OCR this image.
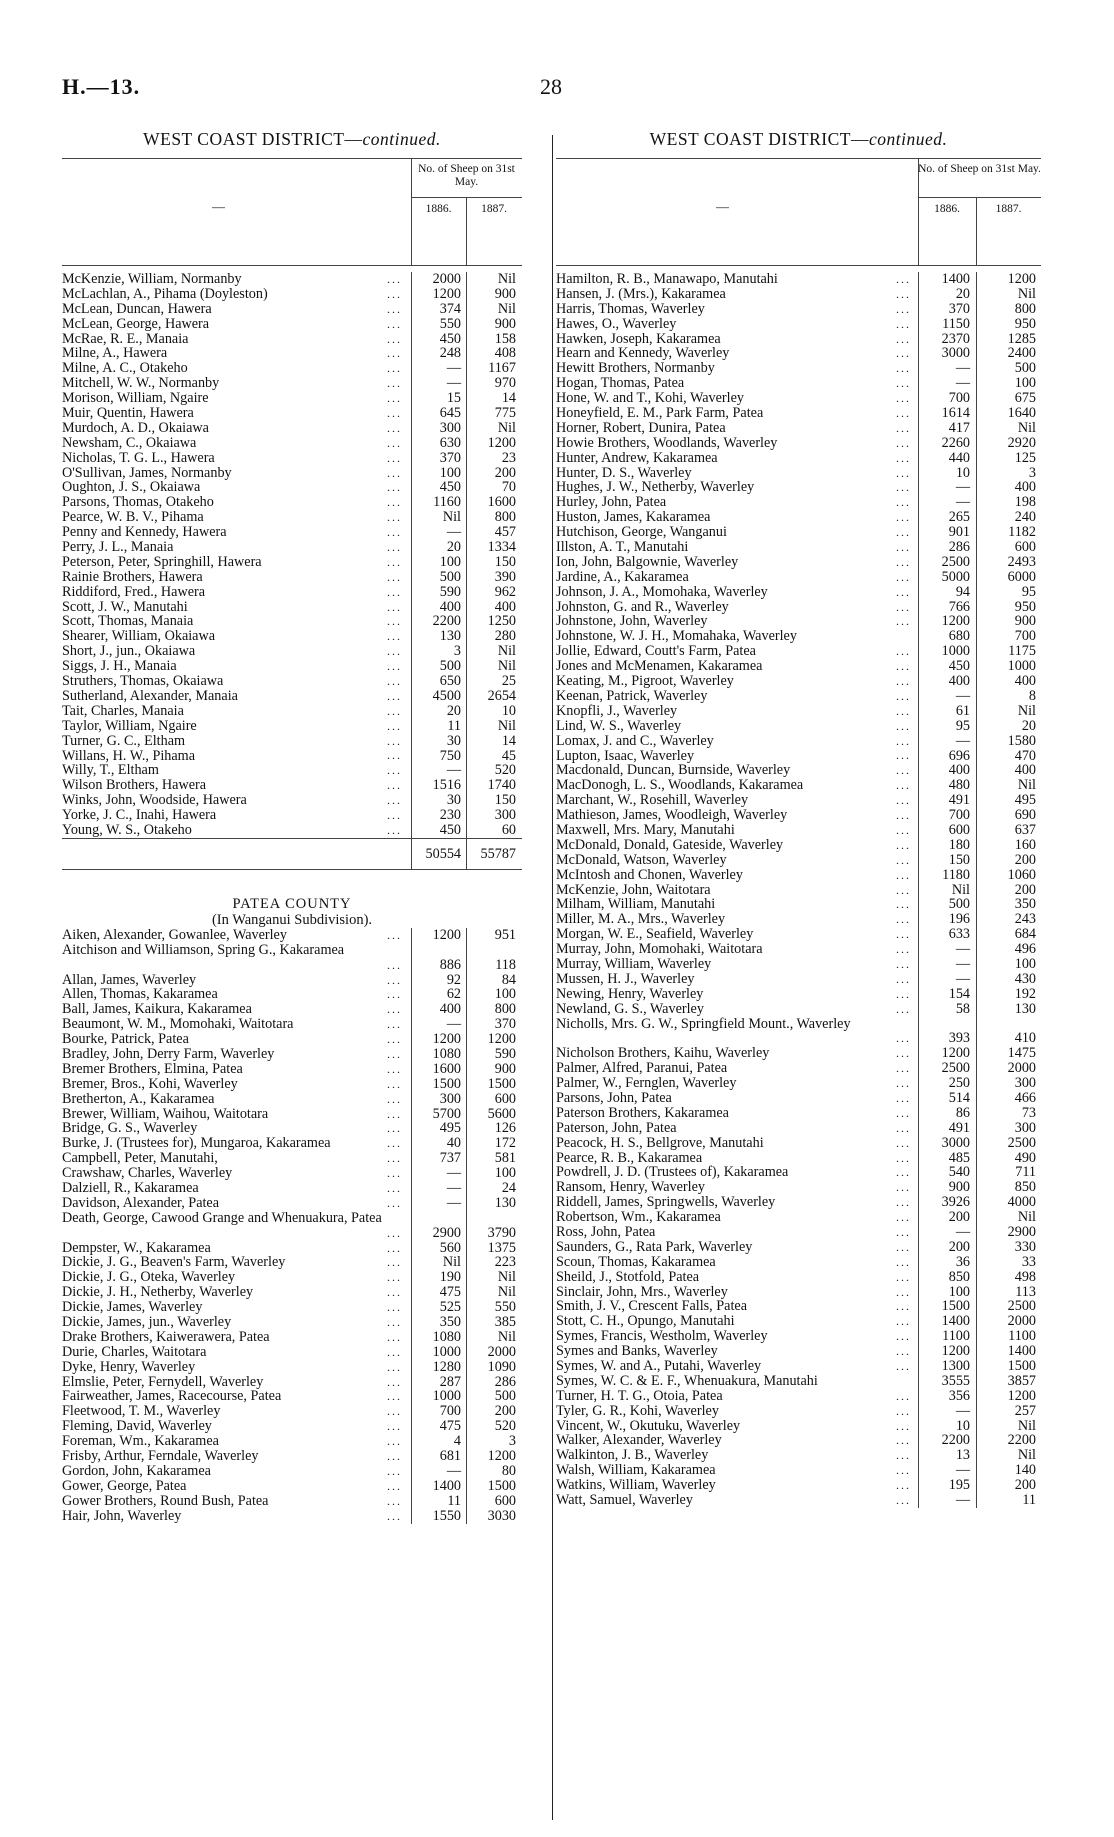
H.—13.	28
WEST COAST DISTRICT—continued.
—
No. of Sheep on 31st May.
1886.	1887.
McKenzie, William, Normanby	...	2000	Nil
McLachlan, A., Pihama (Doyleston)	...	1200	900
McLean, Duncan, Hawera	...	374	Nil
McLean, George, Hawera	...	550	900
McRae, R. E., Manaia	...	450	158
Milne, A., Hawera	...	248	408
Milne, A. C., Otakeho	...	—	1167
Mitchell, W. W., Normanby	...	—	970
Morison, William, Ngaire	...	15	14
Muir, Quentin, Hawera	...	645	775
Murdoch, A. D., Okaiawa	...	300	Nil
Newsham, C., Okaiawa	...	630	1200
Nicholas, T. G. L., Hawera	...	370	23
O'Sullivan, James, Normanby	...	100	200
Oughton, J. S., Okaiawa	...	450	70
Parsons, Thomas, Otakeho	...	1160	1600
Pearce, W. B. V., Pihama	...	Nil	800
Penny and Kennedy, Hawera	...	—	457
Perry, J. L., Manaia	...	20	1334
Peterson, Peter, Springhill, Hawera	...	100	150
Rainie Brothers, Hawera	...	500	390
Riddiford, Fred., Hawera	...	590	962
Scott, J. W., Manutahi	...	400	400
Scott, Thomas, Manaia	...	2200	1250
Shearer, William, Okaiawa	...	130	280
Short, J., jun., Okaiawa	...	3	Nil
Siggs, J. H., Manaia	...	500	Nil
Struthers, Thomas, Okaiawa	...	650	25
Sutherland, Alexander, Manaia	...	4500	2654
Tait, Charles, Manaia	...	20	10
Taylor, William, Ngaire	...	11	Nil
Turner, G. C., Eltham	...	30	14
Willans, H. W., Pihama	...	750	45
Willy, T., Eltham	...	—	520
Wilson Brothers, Hawera	...	1516	1740
Winks, John, Woodside, Hawera	...	30	150
Yorke, J. C., Inahi, Hawera	...	230	300
Young, W. S., Otakeho	...	450	60
50554	55787
PATEA COUNTY
(In Wanganui Subdivision).
Aiken, Alexander, Gowanlee, Waverley	...	1200	951
Aitchison and Williamson, Spring G., Kakaramea
...	886	118
Allan, James, Waverley	...	92	84
Allen, Thomas, Kakaramea	...	62	100
Ball, James, Kaikura, Kakaramea	...	400	800
Beaumont, W. M., Momohaki, Waitotara	...	—	370
Bourke, Patrick, Patea	...	1200	1200
Bradley, John, Derry Farm, Waverley	...	1080	590
Bremer Brothers, Elmina, Patea	...	1600	900
Bremer, Bros., Kohi, Waverley	...	1500	1500
Bretherton, A., Kakaramea	...	300	600
Brewer, William, Waihou, Waitotara	...	5700	5600
Bridge, G. S., Waverley	...	495	126
Burke, J. (Trustees for), Mungaroa, Kakaramea	...	40	172
Campbell, Peter, Manutahi,	...	737	581
Crawshaw, Charles, Waverley	...	—	100
Dalziell, R., Kakaramea	...	—	24
Davidson, Alexander, Patea	...	—	130
Death, George, Cawood Grange and Whenuakura, Patea
...	2900	3790
Dempster, W., Kakaramea	...	560	1375
Dickie, J. G., Beaven's Farm, Waverley	...	Nil	223
Dickie, J. G., Oteka, Waverley	...	190	Nil
Dickie, J. H., Netherby, Waverley	...	475	Nil
Dickie, James, Waverley	...	525	550
Dickie, James, jun., Waverley	...	350	385
Drake Brothers, Kaiwerawera, Patea	...	1080	Nil
Durie, Charles, Waitotara	...	1000	2000
Dyke, Henry, Waverley	...	1280	1090
Elmslie, Peter, Fernydell, Waverley	...	287	286
Fairweather, James, Racecourse, Patea	...	1000	500
Fleetwood, T. M., Waverley	...	700	200
Fleming, David, Waverley	...	475	520
Foreman, Wm., Kakaramea	...	4	3
Frisby, Arthur, Ferndale, Waverley	...	681	1200
Gordon, John, Kakaramea	...	—	80
Gower, George, Patea	...	1400	1500
Gower Brothers, Round Bush, Patea	...	11	600
Hair, John, Waverley	...	1550	3030
WEST COAST DISTRICT—continued.
—
No. of Sheep on 31st May.
1886.	1887.
Hamilton, R. B., Manawapo, Manutahi	...	1400	1200
Hansen, J. (Mrs.), Kakaramea	...	20	Nil
Harris, Thomas, Waverley	...	370	800
Hawes, O., Waverley	...	1150	950
Hawken, Joseph, Kakaramea	...	2370	1285
Hearn and Kennedy, Waverley	...	3000	2400
Hewitt Brothers, Normanby	...	—	500
Hogan, Thomas, Patea	...	—	100
Hone, W. and T., Kohi, Waverley	...	700	675
Honeyfield, E. M., Park Farm, Patea	...	1614	1640
Horner, Robert, Dunira, Patea	...	417	Nil
Howie Brothers, Woodlands, Waverley	...	2260	2920
Hunter, Andrew, Kakaramea	...	440	125
Hunter, D. S., Waverley	...	10	3
Hughes, J. W., Netherby, Waverley	...	—	400
Hurley, John, Patea	...	—	198
Huston, James, Kakaramea	...	265	240
Hutchison, George, Wanganui	...	901	1182
Illston, A. T., Manutahi	...	286	600
Ion, John, Balgownie, Waverley	...	2500	2493
Jardine, A., Kakaramea	...	5000	6000
Johnson, J. A., Momohaka, Waverley	...	94	95
Johnston, G. and R., Waverley	...	766	950
Johnstone, John, Waverley	...	1200	900
Johnstone, W. J. H., Momahaka, Waverley	680	700
Jollie, Edward, Coutt's Farm, Patea	...	1000	1175
Jones and McMenamen, Kakaramea	...	450	1000
Keating, M., Pigroot, Waverley	...	400	400
Keenan, Patrick, Waverley	...	—	8
Knopfli, J., Waverley	...	61	Nil
Lind, W. S., Waverley	...	95	20
Lomax, J. and C., Waverley	...	—	1580
Lupton, Isaac, Waverley	...	696	470
Macdonald, Duncan, Burnside, Waverley	...	400	400
MacDonogh, L. S., Woodlands, Kakaramea	...	480	Nil
Marchant, W., Rosehill, Waverley	...	491	495
Mathieson, James, Woodleigh, Waverley	...	700	690
Maxwell, Mrs. Mary, Manutahi	...	600	637
McDonald, Donald, Gateside, Waverley	...	180	160
McDonald, Watson, Waverley	...	150	200
McIntosh and Chonen, Waverley	...	1180	1060
McKenzie, John, Waitotara	...	Nil	200
Milham, William, Manutahi	...	500	350
Miller, M. A., Mrs., Waverley	...	196	243
Morgan, W. E., Seafield, Waverley	...	633	684
Murray, John, Momohaki, Waitotara	...	—	496
Murray, William, Waverley	...	—	100
Mussen, H. J., Waverley	...	—	430
Newing, Henry, Waverley	...	154	192
Newland, G. S., Waverley	...	58	130
Nicholls, Mrs. G. W., Springfield Mount., Waverley
...	393	410
Nicholson Brothers, Kaihu, Waverley	...	1200	1475
Palmer, Alfred, Paranui, Patea	...	2500	2000
Palmer, W., Fernglen, Waverley	...	250	300
Parsons, John, Patea	...	514	466
Paterson Brothers, Kakaramea	...	86	73
Paterson, John, Patea	...	491	300
Peacock, H. S., Bellgrove, Manutahi	...	3000	2500
Pearce, R. B., Kakaramea	...	485	490
Powdrell, J. D. (Trustees of), Kakaramea	...	540	711
Ransom, Henry, Waverley	...	900	850
Riddell, James, Springwells, Waverley	...	3926	4000
Robertson, Wm., Kakaramea	...	200	Nil
Ross, John, Patea	...	—	2900
Saunders, G., Rata Park, Waverley	...	200	330
Scoun, Thomas, Kakaramea	...	36	33
Sheild, J., Stotfold, Patea	...	850	498
Sinclair, John, Mrs., Waverley	...	100	113
Smith, J. V., Crescent Falls, Patea	...	1500	2500
Stott, C. H., Opungo, Manutahi	...	1400	2000
Symes, Francis, Westholm, Waverley	...	1100	1100
Symes and Banks, Waverley	...	1200	1400
Symes, W. and A., Putahi, Waverley	...	1300	1500
Symes, W. C. & E. F., Whenuakura, Manutahi	3555	3857
Turner, H. T. G., Otoia, Patea	...	356	1200
Tyler, G. R., Kohi, Waverley	...	—	257
Vincent, W., Okutuku, Waverley	...	10	Nil
Walker, Alexander, Waverley	...	2200	2200
Walkinton, J. B., Waverley	...	13	Nil
Walsh, William, Kakaramea	...	—	140
Watkins, William, Waverley	...	195	200
Watt, Samuel, Waverley	...	—	11
